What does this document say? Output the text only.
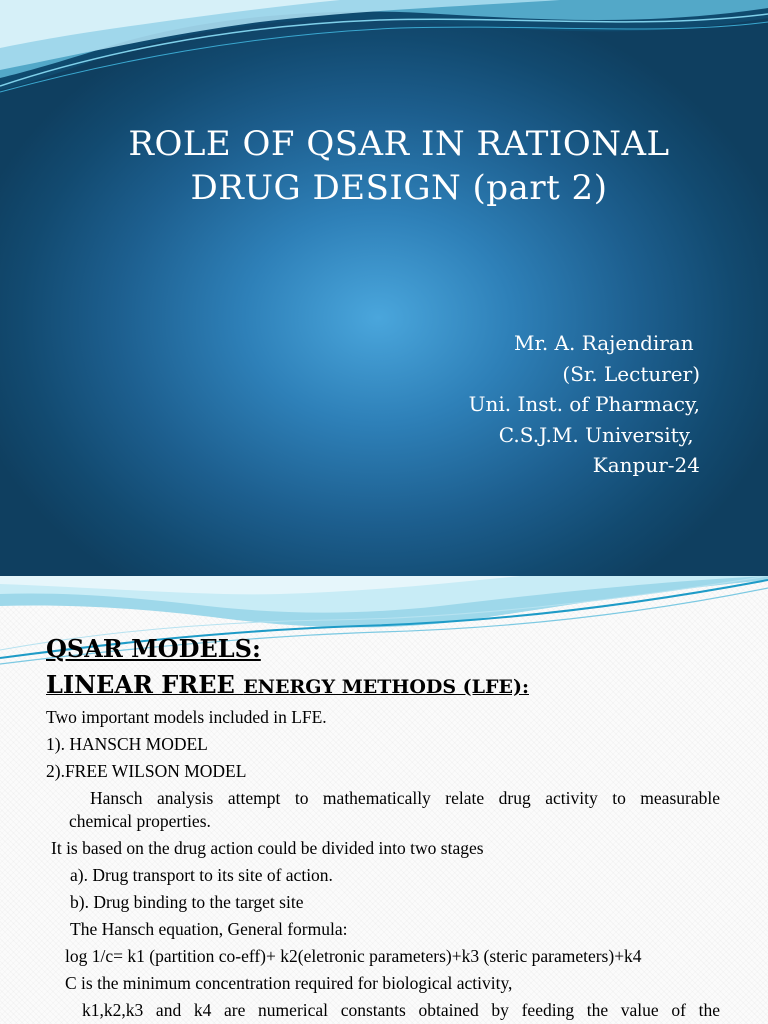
ROLE OF QSAR IN RATIONAL
DRUG DESIGN (part 2)
Mr. A. Rajendiran
(Sr. Lecturer)
Uni. Inst. of Pharmacy,
C.S.J.M. University,
Kanpur-24
QSAR MODELS:
LINEAR FREE ENERGY METHODS (LFE):
Two important models included in LFE.
1). HANSCH MODEL
2).FREE WILSON MODEL
Hansch analysis attempt to mathematically relate drug activity to measurable
chemical properties.
It is based on the drug action could be divided into two stages
a). Drug transport to its site of action.
b). Drug binding to the target site
The Hansch equation, General formula:
log 1/c= k1 (partition co-eff)+ k2(eletronic parameters)+k3 (steric parameters)+k4
C is the minimum concentration required for biological activity,
k1,k2,k3 and k4 are numerical constants obtained by feeding the value of the
